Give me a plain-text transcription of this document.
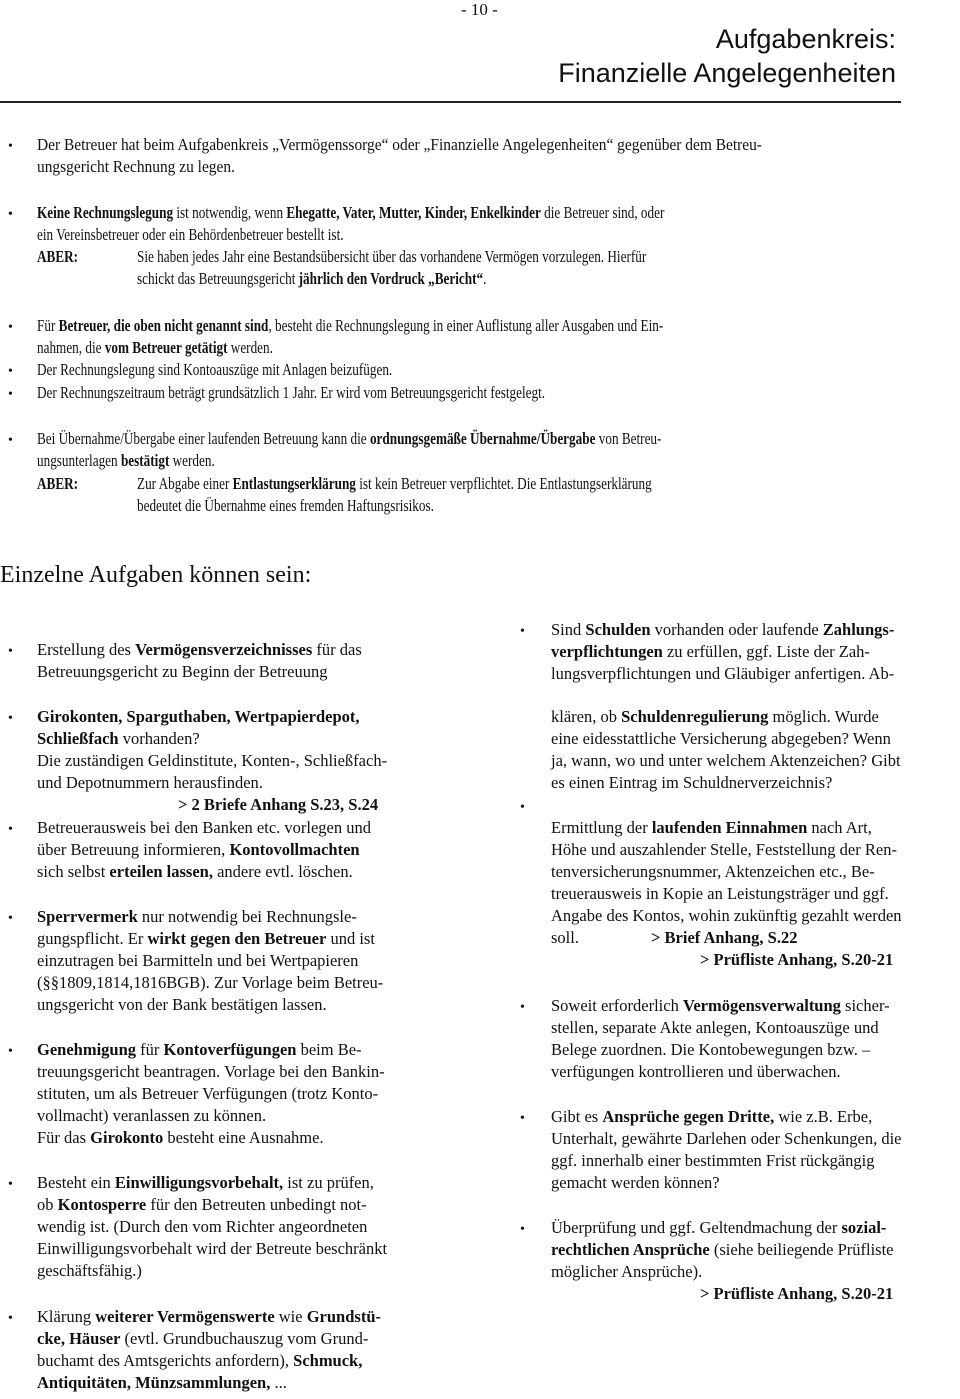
- 10 -
Aufgabenkreis:
Finanzielle Angelegenheiten
• Der Betreuer hat beim Aufgabenkreis „Vermögenssorge“ oder „Finanzielle Angelegenheiten“ gegenüber dem Betreu-
ungsgericht Rechnung zu legen.
• Keine Rechnungslegung ist notwendig, wenn Ehegatte, Vater, Mutter, Kinder, Enkelkinder die Betreuer sind, oder
ein Vereinsbetreuer oder ein Behördenbetreuer bestellt ist.
ABER:	Sie haben jedes Jahr eine Bestandsübersicht über das vorhandene Vermögen vorzulegen. Hierfür
schickt das Betreuungsgericht jährlich den Vordruck „Bericht“.
• Für Betreuer, die oben nicht genannt sind, besteht die Rechnungslegung in einer Auflistung aller Ausgaben und Ein-
nahmen, die vom Betreuer getätigt werden.
• Der Rechnungslegung sind Kontoauszüge mit Anlagen beizufügen.
• Der Rechnungszeitraum beträgt grundsätzlich 1 Jahr. Er wird vom Betreuungsgericht festgelegt.
• Bei Übernahme/Übergabe einer laufenden Betreuung kann die ordnungsgemäße Übernahme/Übergabe von Betreu-
ungsunterlagen bestätigt werden.
ABER:	Zur Abgabe einer Entlastungserklärung ist kein Betreuer verpflichtet. Die Entlastungserklärung
bedeutet die Übernahme eines fremden Haftungsrisikos.
Einzelne Aufgaben können sein:
• Erstellung des Vermögensverzeichnisses für das
Betreuungsgericht zu Beginn der Betreuung
• Girokonten, Sparguthaben, Wertpapierdepot,
Schließfach vorhanden?
Die zuständigen Geldinstitute, Konten-, Schließfach-
und Depotnummern herausfinden.
> 2 Briefe Anhang S.23, S.24
• Betreuerausweis bei den Banken etc. vorlegen und
über Betreuung informieren, Kontovollmachten
sich selbst erteilen lassen, andere evtl. löschen.
• Sperrvermerk nur notwendig bei Rechnungsle-
gungspflicht. Er wirkt gegen den Betreuer und ist
einzutragen bei Barmitteln und bei Wertpapieren
(§§1809,1814,1816BGB). Zur Vorlage beim Betreu-
ungsgericht von der Bank bestätigen lassen.
• Genehmigung für Kontoverfügungen beim Be-
treuungsgericht beantragen. Vorlage bei den Bankin-
stituten, um als Betreuer Verfügungen (trotz Konto-
vollmacht) veranlassen zu können.
Für das Girokonto besteht eine Ausnahme.
• Besteht ein Einwilligungsvorbehalt, ist zu prüfen,
ob Kontosperre für den Betreuten unbedingt not-
wendig ist. (Durch den vom Richter angeordneten
Einwilligungsvorbehalt wird der Betreute beschränkt
geschäftsfähig.)
• Klärung weiterer Vermögenswerte wie Grundstü-
cke, Häuser (evtl. Grundbuchauszug vom Grund-
buchamt des Amtsgerichts anfordern), Schmuck,
Antiquitäten, Münzsammlungen, ...
• Sind Schulden vorhanden oder laufende Zahlungs-
verpflichtungen zu erfüllen, ggf. Liste der Zah-
lungsverpflichtungen und Gläubiger anfertigen. Ab-
klären, ob Schuldenregulierung möglich. Wurde
eine eidesstattliche Versicherung abgegeben? Wenn
ja, wann, wo und unter welchem Aktenzeichen? Gibt
es einen Eintrag im Schuldnerverzeichnis?
•
Ermittlung der laufenden Einnahmen nach Art,
Höhe und auszahlender Stelle, Feststellung der Ren-
tenversicherungsnummer, Aktenzeichen etc., Be-
treuerausweis in Kopie an Leistungsträger und ggf.
Angabe des Kontos, wohin zukünftig gezahlt werden
soll.	> Brief Anhang, S.22
> Prüfliste Anhang, S.20-21
• Soweit erforderlich Vermögensverwaltung sicher-
stellen, separate Akte anlegen, Kontoauszüge und
Belege zuordnen. Die Kontobewegungen bzw. –
verfügungen kontrollieren und überwachen.
• Gibt es Ansprüche gegen Dritte, wie z.B. Erbe,
Unterhalt, gewährte Darlehen oder Schenkungen, die
ggf. innerhalb einer bestimmten Frist rückgängig
gemacht werden können?
• Überprüfung und ggf. Geltendmachung der sozial-
rechtlichen Ansprüche (siehe beiliegende Prüfliste
möglicher Ansprüche).
> Prüfliste Anhang, S.20-21
